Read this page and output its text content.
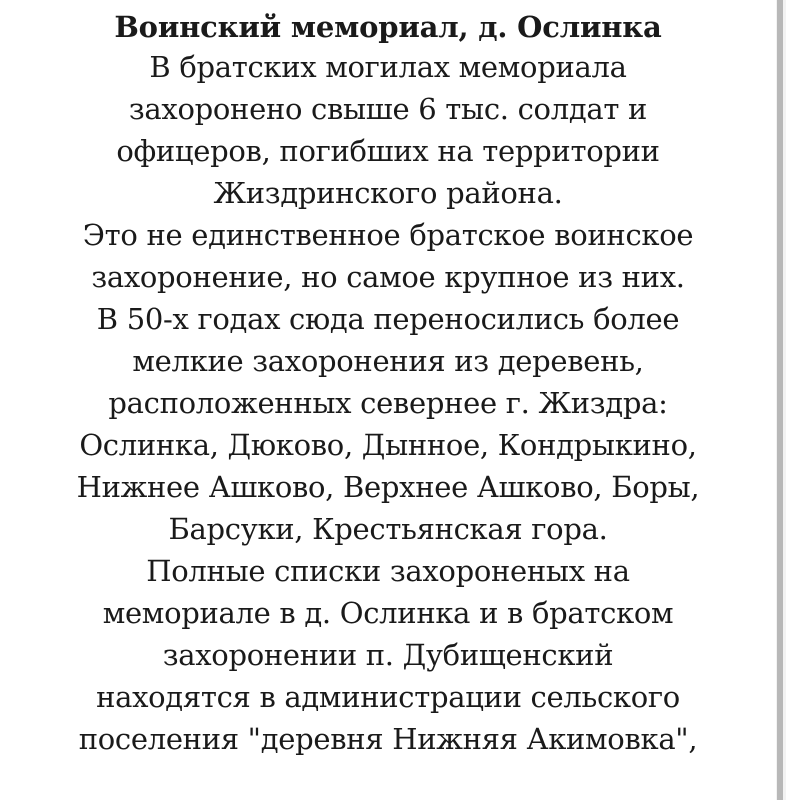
Воинский мемориал, д. Ослинка
В братских могилах мемориала
захоронено свыше 6 тыс. солдат и
офицеров, погибших на территории
Жиздринского района.
Это не единственное братское воинское
захоронение, но самое крупное из них.
В 50-х годах сюда переносились более
мелкие захоронения из деревень,
расположенных севернее г. Жиздра:
Ослинка, Дюково, Дынное, Кондрыкино,
Нижнее Ашково, Верхнее Ашково, Боры,
Барсуки, Крестьянская гора.
Полные списки захороненых на
мемориале в д. Ослинка и в братском
захоронении п. Дубищенский
находятся в администрации сельского
поселения "деревня Нижняя Акимовка",
